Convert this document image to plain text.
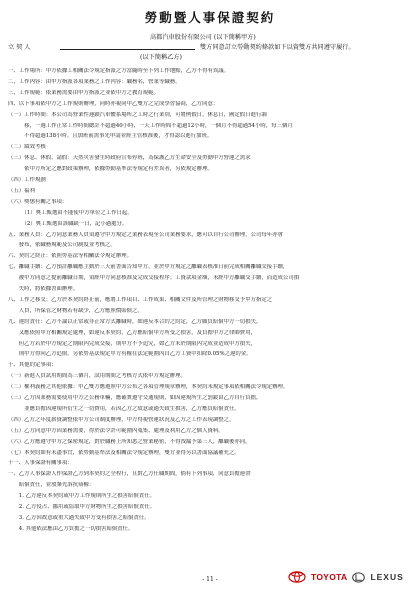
勞動暨人事保證契約
高都汽車股份有限公司 (以下簡稱甲方)
立 契 人	雙方同意訂立勞動契約條款如下以資雙方共同遵守履行。
(以下簡稱乙方)
一、工作場所：甲方依據工相關法令規定指派之方當隨時至下列工作地點，乙方不得有異議。
二、工作內容：由甲方指派各項業務之工作內容：職務名，營業等職務。
三、工作規範：依業務需要由甲方指派之並依甲方之教育規範。
四、以下事項依甲方之工作規則辦理，同時亦視同甲乙雙方之完成學習協商，乙方同意：
（一）工作時間：本公司為營業性連鎖汽車體系場所之工時之行業別，可將例假日，休息日，國定假日進行調
　　　移，一週工作正常工作時間總計不超過40小時，一天工作時間不超過12小時，一個月不得超過54小時，每三個月
　　　不得超過138小時。且加班前需事先申請並經主管核准後，才得認以進行加班。
（二）績效考核
（三）休息、休假、請假：天然災害發生時政府宣布停班，為保護乙方生命安全及勞動甲方營運之需求
　　　依甲方所定之應對政策辦理，依據勞動基準法等規定有差異者，另依規定辦理。
（四）工作規劃
（五）福利
（六）獎懲有關之事項：
　　　（1）獎工甄選由不能使甲方單位之工作日起。
　　　（2）獎工甄選由該職缺一日，記小過處分。
五、業務人員：乙方同意業務人員須遵守甲方規定之業務表現至公司業務要求，應可以自行公司辦理，公司每年亦會
　　發布，依職務規範及公司制度並考核之。
六、契約之終止：依照勞基法等相關法令規定辦理。
七、離職手續：乙方預計離職應主動於三天前書面告知甲方，並於甲方規定之離職表核准日前完成相關離職交接手續，
　　被甲方同意之提前離職日期，須經甲方同意核准及完成交接程序；工資款項金額，未經甲方離職交手續，而造成公司損
　　失時，將依據書面辦理。
八、工作之移交：乙方於本契約終止前，應將工作項目、工作成果、相關文件及所管理之財物移交予甲方指定之
　　人員，所保管之財物若有缺少，乙方應照價賠償之。
九、違約責任：乙方不論以正常或非正常方式離職時，如違反本合約之約定，乙方願負賠償甲方一切損失，
　　又應依照甲方相關規定處理，如違反本契約，乙方應賠償甲方所受之損害，及負擔甲方之律師費用，
　　但乙方若於甲方規定之期限內完成交接，則甲方不予追究，如乙方未於期限內完成並造成甲方損失，
　　則甲方得向乙方追償。另依勞基法規定甲方有權在法定範圍內自乙方工資中扣除0.05%之違約金。
十、其他約定事項：
（一）新進人員試用期間為三個月，試用期間之考核方式依甲方規定辦理。
（二）權利義務之其他依據：甲乙雙方應遵照甲方公布之各項管理規章辦理，本契約未規定事項依相關法令規定辦理。
（三）乙方因業務需要使用甲方之公務車輛，應確實遵守交通規則，如因違規所生之罰鍰由乙方自行負擔，
　　　並應負擔因違規所衍生之一切費用，若因乙方之故意或過失致生損害，乙方應負賠償責任。
（四）乙方之年度薪資調整依甲方公司制度辦理，甲方得視營運狀況及乙方之工作表現調整之。
（五）乙方同意甲方因業務需要，得於法令許可範圍內蒐集、處理及利用乙方之個人資料。
（六）乙方應遵守甲方之保密規定，對於職務上所知悉之營業秘密，不得洩漏予第三人，離職後亦同。
（七）本契約如有未盡事宜，依勞動基準法及相關法令規定辦理，雙方並得另以書面協議補充之。
十一、人事保證有關事項：
一、乙方人事保證人作保證乙方到本契約之全程行，且對乙方任職期間，倘有下列事項，同意負擔連帶
　　賠償責任，並放棄先訴抗辯權：
　　1. 乙方違反本契約或甲方工作規則所生之損害賠償責任。
　　2. 乙方侵占、挪用或盜取甲方財物所生之損害賠償責任。
　　3. 乙方因故意或重大過失致甲方受有損害之賠償責任。
　　4. 其他依法應由乙方負擔之一切損害賠償責任。
- 11 -	TOYOTA	LEXUS
